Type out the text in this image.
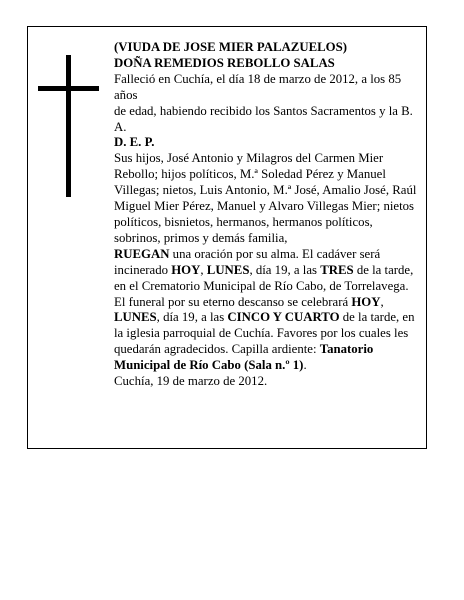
(VIUDA DE JOSE MIER PALAZUELOS)

DOÑA REMEDIOS REBOLLO SALAS

Falleció en Cuchía, el día 18 de marzo de 2012, a los 85 años

de edad, habiendo recibido los Santos Sacramentos y la B. A.

D. E. P.

Sus hijos, José Antonio y Milagros del Carmen Mier Rebollo; hijos políticos, M.ª Soledad Pérez y Manuel Villegas; nietos, Luis Antonio, M.ª José, Amalio José, Raúl Miguel Mier Pérez, Manuel y Alvaro Villegas Mier; nietos políticos, bisnietos, hermanos, hermanos políticos, sobrinos, primos y demás familia,

RUEGAN una oración por su alma. El cadáver será incinerado HOY, LUNES, día 19, a las TRES de la tarde, en el Crematorio Municipal de Río Cabo, de Torrelavega. El funeral por su eterno descanso se celebrará HOY, LUNES, día 19, a las CINCO Y CUARTO de la tarde, en la iglesia parroquial de Cuchía. Favores por los cuales les quedarán agradecidos. Capilla ardiente: Tanatorio Municipal de Río Cabo (Sala n.º 1).

Cuchía, 19 de marzo de 2012.
